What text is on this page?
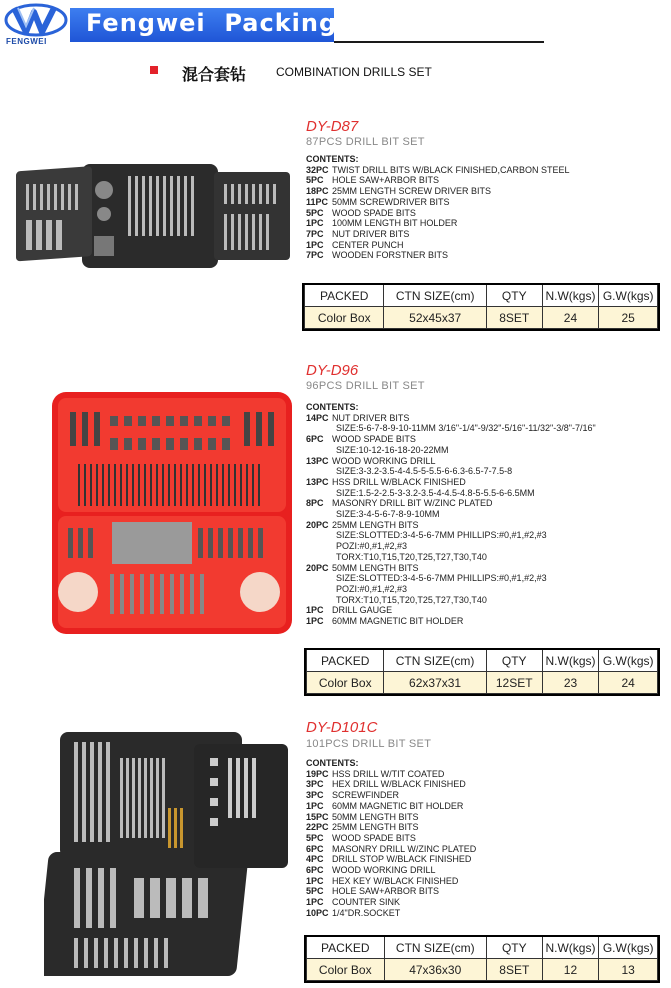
FENGWEI
Fengwei  Packing
混合套钻 COMBINATION DRILLS SET
DY-D87
87PCS DRILL BIT SET
CONTENTS:
32PC TWIST DRILL BITS W/BLACK FINISHED,CARBON STEEL
5PC HOLE SAW+ARBOR BITS
18PC 25MM LENGTH SCREW DRIVER BITS
11PC 50MM SCREWDRIVER BITS
5PC WOOD SPADE BITS
1PC 100MM LENGTH BIT HOLDER
7PC NUT DRIVER BITS
1PC CENTER PUNCH
7PC WOODEN FORSTNER BITS
PACKED	CTN SIZE(cm)	QTY	N.W(kgs)	G.W(kgs)
Color Box	52x45x37	8SET	24	25
DY-D96
96PCS DRILL BIT SET
CONTENTS:
14PC NUT DRIVER BITS
SIZE:5-6-7-8-9-10-11MM 3/16"-1/4"-9/32"-5/16"-11/32"-3/8"-7/16"
6PC WOOD SPADE BITS
SIZE:10-12-16-18-20-22MM
13PC WOOD WORKING DRILL
SIZE:3-3.2-3.5-4-4.5-5-5.5-6-6.3-6.5-7-7.5-8
13PC HSS DRILL W/BLACK FINISHED
SIZE:1.5-2-2.5-3-3.2-3.5-4-4.5-4.8-5-5.5-6-6.5MM
8PC MASONRY DRILL BIT W/ZINC PLATED
SIZE:3-4-5-6-7-8-9-10MM
20PC 25MM LENGTH BITS
SIZE:SLOTTED:3-4-5-6-7MM PHILLIPS:#0,#1,#2,#3
POZI:#0,#1,#2,#3
TORX:T10,T15,T20,T25,T27,T30,T40
20PC 50MM LENGTH BITS
SIZE:SLOTTED:3-4-5-6-7MM PHILLIPS:#0,#1,#2,#3
POZI:#0,#1,#2,#3
TORX:T10,T15,T20,T25,T27,T30,T40
1PC DRILL GAUGE
1PC 60MM MAGNETIC BIT HOLDER
PACKED	CTN SIZE(cm)	QTY	N.W(kgs)	G.W(kgs)
Color Box	62x37x31	12SET	23	24
DY-D101C
101PCS DRILL BIT SET
CONTENTS:
19PC HSS DRILL W/TIT COATED
3PC HEX DRILL W/BLACK FINISHED
3PC SCREWFINDER
1PC 60MM MAGNETIC BIT HOLDER
15PC 50MM LENGTH BITS
22PC 25MM LENGTH BITS
5PC WOOD SPADE BITS
6PC MASONRY DRILL W/ZINC PLATED
4PC DRILL STOP W/BLACK FINISHED
6PC WOOD WORKING DRILL
1PC HEX KEY W/BLACK FINISHED
5PC HOLE SAW+ARBOR BITS
1PC COUNTER SINK
10PC 1/4"DR.SOCKET
PACKED	CTN SIZE(cm)	QTY	N.W(kgs)	G.W(kgs)
Color Box	47x36x30	8SET	12	13
